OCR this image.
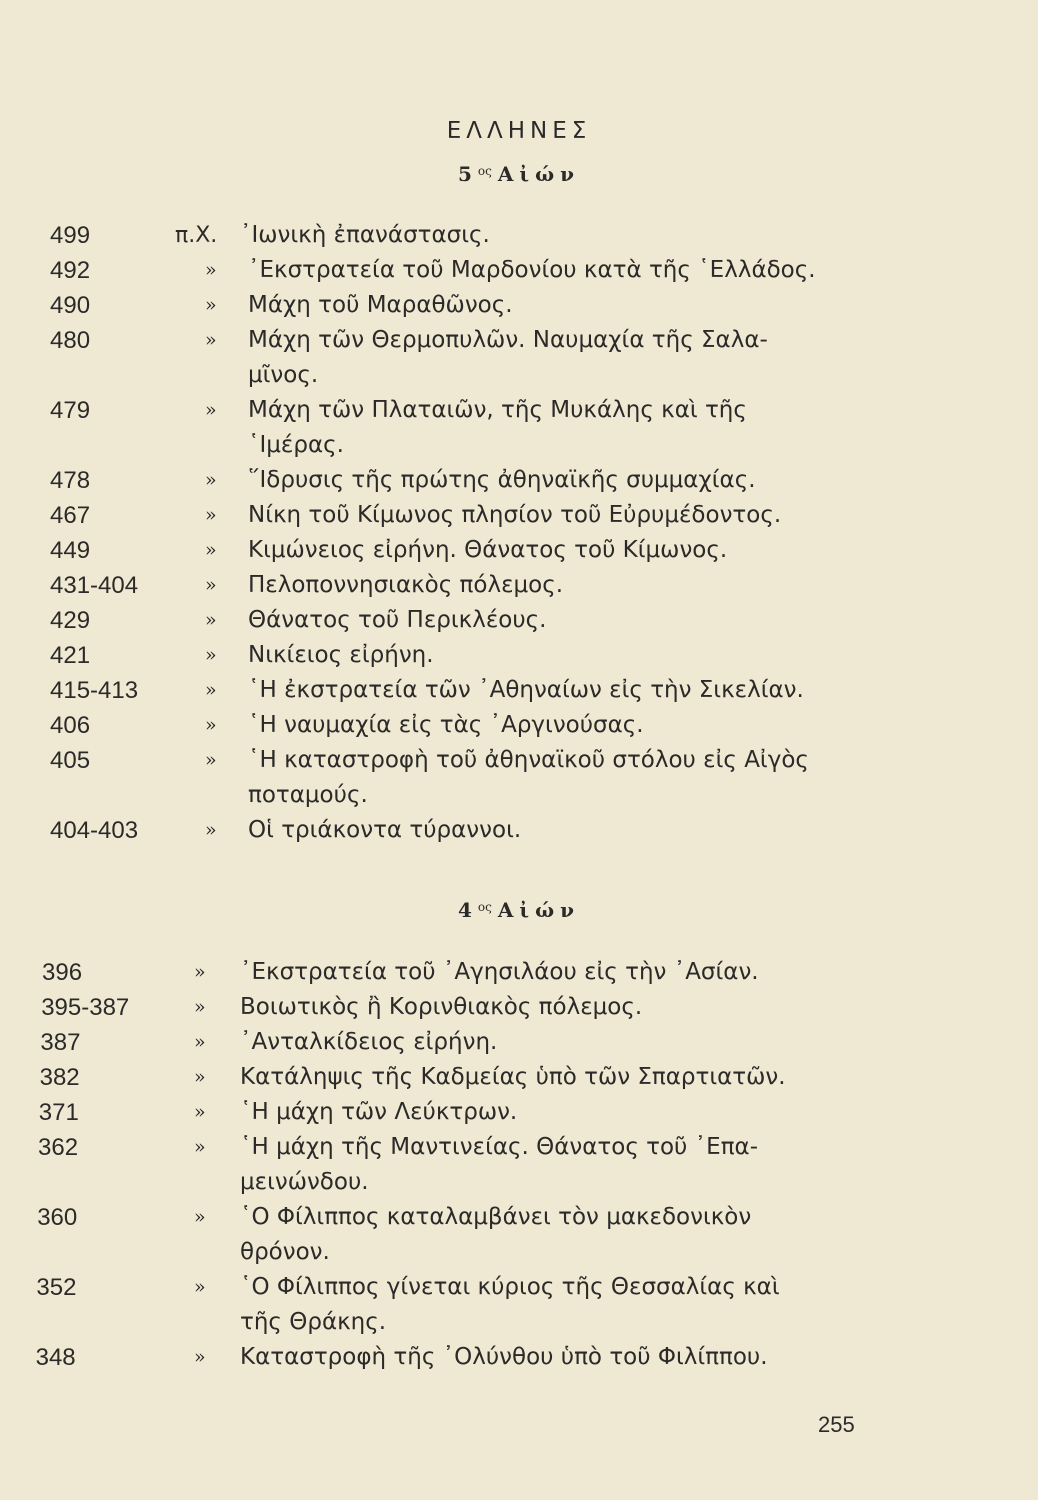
ΕΛΛΗΝΕΣ
$5^{o\varsigma}$ Αἰών
499	π.Χ. ᾿Ιωνικὴ ἐπανάστασις.
492	» ᾿Εκστρατεία τοῦ Μαρδονίου κατὰ τῆς ῾Ελλάδος.
490	» Μάχη τοῦ Μαραθῶνος.
480	» Μάχη τῶν Θερμοπυλῶν. Ναυμαχία τῆς Σαλα-
μῖνος.
479	» Μάχη τῶν Πλαταιῶν, τῆς Μυκάλης καὶ τῆς
῾Ιμέρας.
478	» ῞Ιδρυσις τῆς πρώτης ἀθηναϊκῆς συμμαχίας.
467	» Νίκη τοῦ Κίμωνος πλησίον τοῦ Εὐρυμέδοντος.
449	» Κιμώνειος εἰρήνη. Θάνατος τοῦ Κίμωνος.
431-404	» Πελοποννησιακὸς πόλεμος.
429	» Θάνατος τοῦ Περικλέους.
421	» Νικίειος εἰρήνη.
415-413	» ῾Η ἐκστρατεία τῶν ᾿Αθηναίων εἰς τὴν Σικελίαν.
406	» ῾Η ναυμαχία εἰς τὰς ᾿Αργινούσας.
405	» ῾Η καταστροφὴ τοῦ ἀθηναϊκοῦ στόλου εἰς Αἰγὸς
ποταμούς.
404-403	» Οἱ τριάκοντα τύραννοι.
$4^{o\varsigma}$ Αἰών
396	» ᾿Εκστρατεία τοῦ ᾿Αγησιλάου εἰς τὴν ᾿Ασίαν.
395-387	» Βοιωτικὸς ἢ Κορινθιακὸς πόλεμος.
387	» ᾿Ανταλκίδειος εἰρήνη.
382	» Κατάληψις τῆς Καδμείας ὑπὸ τῶν Σπαρτιατῶν.
371	» ῾Η μάχη τῶν Λεύκτρων.
362	» ῾Η μάχη τῆς Μαντινείας. Θάνατος τοῦ ᾿Επα-
μεινώνδου.
360	» ῾Ο Φίλιππος καταλαμβάνει τὸν μακεδονικὸν
θρόνον.
352	» ῾Ο Φίλιππος γίνεται κύριος τῆς Θεσσαλίας καὶ
τῆς Θράκης.
348	» Καταστροφὴ τῆς ᾿Ολύνθου ὑπὸ τοῦ Φιλίππου.
255
